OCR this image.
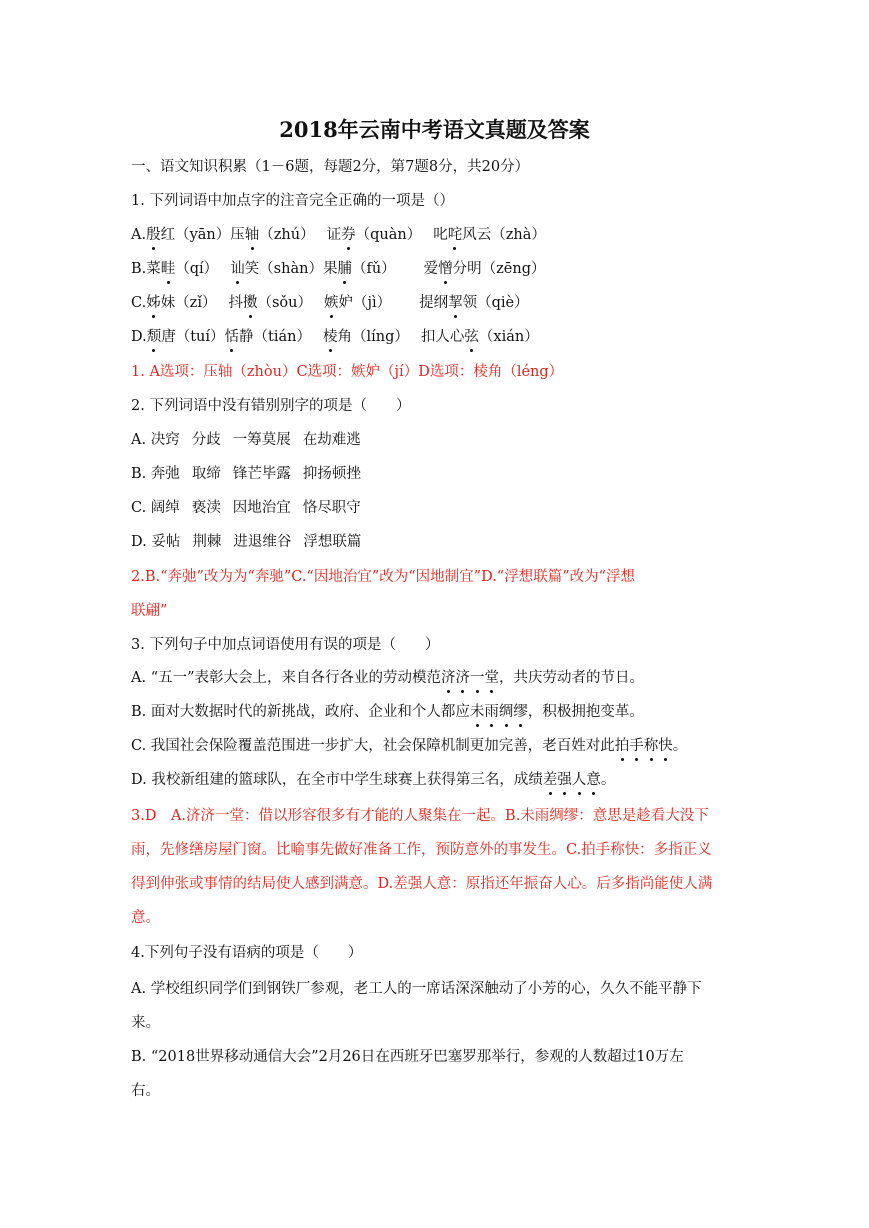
2018年云南中考语文真题及答案
一、语文知识积累（1－6题，每题2分，第7题8分，共20分）
1. 下列词语中加点字的注音完全正确的一项是（）
A.殷红（yān）压轴（zhú） 证券（quàn） 叱咤风云（zhà）
B.菜畦（qí） 讪笑（shàn）果脯（fǔ） 爱憎分明（zēng）
C.姊妹（zǐ） 抖擞（sǒu） 嫉妒（jì） 提纲挈领（qiè）
D.颓唐（tuí）恬静（tián） 棱角（líng） 扣人心弦（xián）
1. A选项：压轴（zhòu）C选项：嫉妒（jí）D选项：棱角（léng）
2. 下列词语中没有错别别字的项是（　　）
A. 决窍 分歧 一筹莫展 在劫难逃
B. 奔弛 取缔 锋芒毕露 抑扬顿挫
C. 阔绰 亵渎 因地治宜 恪尽职守
D. 妥帖 荆棘 进退维谷 浮想联篇
2.B.“奔弛”改为为“奔驰”C.“因地治宜”改为“因地制宜”D.“浮想联篇”改为“浮想
联翩”
3. 下列句子中加点词语使用有误的项是（　　）
A. “五一”表彰大会上，来自各行各业的劳动模范济济一堂，共庆劳动者的节日。
B. 面对大数据时代的新挑战，政府、企业和个人都应未雨绸缪，积极拥抱变革。
C. 我国社会保险覆盖范围进一步扩大，社会保障机制更加完善，老百姓对此拍手称快。
D. 我校新组建的篮球队，在全市中学生球赛上获得第三名，成绩差强人意。
3.D　A.济济一堂：借以形容很多有才能的人聚集在一起。B.未雨绸缪：意思是趁看大没下
雨，先修缮房屋门窗。比喻事先做好准备工作，预防意外的事发生。C.拍手称快：多指正义
得到伸张或事情的结局使人感到满意。D.差强人意：原指还年振奋人心。后多指尚能使人满
意。
4.下列句子没有语病的项是（　　）
A. 学校组织同学们到钢铁厂参观，老工人的一席话深深触动了小芳的心，久久不能平静下
来。
B. “2018世界移动通信大会”2月26日在西班牙巴塞罗那举行，参观的人数超过10万左
右。
